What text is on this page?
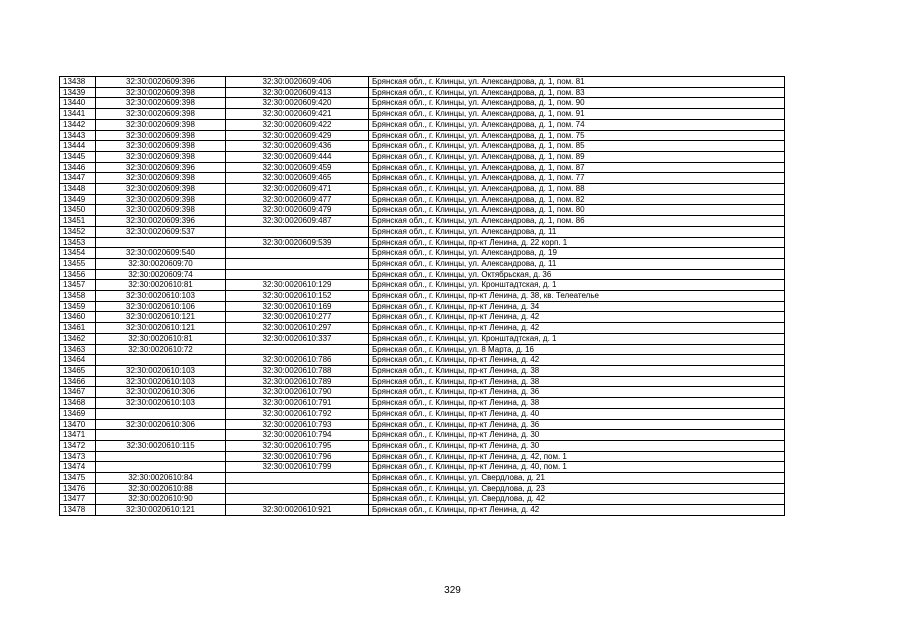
13438	32:30:0020609:396	32:30:0020609:406	Брянская обл., г. Клинцы, ул. Александрова, д. 1, пом. 81
13439	32:30:0020609:398	32:30:0020609:413	Брянская обл., г. Клинцы, ул. Александрова, д. 1, пом. 83
13440	32:30:0020609:398	32:30:0020609:420	Брянская обл., г. Клинцы, ул. Александрова, д. 1, пом. 90
13441	32:30:0020609:398	32:30:0020609:421	Брянская обл., г. Клинцы, ул. Александрова, д. 1, пом. 91
13442	32:30:0020609:398	32:30:0020609:422	Брянская обл., г. Клинцы, ул. Александрова, д. 1, пом. 74
13443	32:30:0020609:398	32:30:0020609:429	Брянская обл., г. Клинцы, ул. Александрова, д. 1, пом. 75
13444	32:30:0020609:398	32:30:0020609:436	Брянская обл., г. Клинцы, ул. Александрова, д. 1, пом. 85
13445	32:30:0020609:398	32:30:0020609:444	Брянская обл., г. Клинцы, ул. Александрова, д. 1, пом. 89
13446	32:30:0020609:396	32:30:0020609:459	Брянская обл., г. Клинцы, ул. Александрова, д. 1, пом. 87
13447	32:30:0020609:398	32:30:0020609:465	Брянская обл., г. Клинцы, ул. Александрова, д. 1, пом. 77
13448	32:30:0020609:398	32:30:0020609:471	Брянская обл., г. Клинцы, ул. Александрова, д. 1, пом. 88
13449	32:30:0020609:398	32:30:0020609:477	Брянская обл., г. Клинцы, ул. Александрова, д. 1, пом. 82
13450	32:30:0020609:398	32:30:0020609:479	Брянская обл., г. Клинцы, ул. Александрова, д. 1, пом. 80
13451	32:30:0020609:396	32:30:0020609:487	Брянская обл., г. Клинцы, ул. Александрова, д. 1, пом. 86
13452	32:30:0020609:537		Брянская обл., г. Клинцы, ул. Александрова, д. 11
13453		32:30:0020609:539	Брянская обл., г. Клинцы, пр-кт Ленина, д. 22 корп. 1
13454	32:30:0020609:540		Брянская обл., г. Клинцы, ул. Александрова, д. 19
13455	32:30:0020609:70		Брянская обл., г. Клинцы, ул. Александрова, д. 11
13456	32:30:0020609:74		Брянская обл., г. Клинцы, ул. Октябрьская, д. 36
13457	32:30:0020610:81	32:30:0020610:129	Брянская обл., г. Клинцы, ул. Кронштадтская, д. 1
13458	32:30:0020610:103	32:30:0020610:152	Брянская обл., г. Клинцы, пр-кт Ленина, д. 38, кв. Телеателье
13459	32:30:0020610:106	32:30:0020610:169	Брянская обл., г. Клинцы, пр-кт Ленина, д. 34
13460	32:30:0020610:121	32:30:0020610:277	Брянская обл., г. Клинцы, пр-кт Ленина, д. 42
13461	32:30:0020610:121	32:30:0020610:297	Брянская обл., г. Клинцы, пр-кт Ленина, д. 42
13462	32:30:0020610:81	32:30:0020610:337	Брянская обл., г. Клинцы, ул. Кронштадтская, д. 1
13463	32:30:0020610:72		Брянская обл., г. Клинцы, ул. 8 Марта, д. 16
13464		32:30:0020610:786	Брянская обл., г. Клинцы, пр-кт Ленина, д. 42
13465	32:30:0020610:103	32:30:0020610:788	Брянская обл., г. Клинцы, пр-кт Ленина, д. 38
13466	32:30:0020610:103	32:30:0020610:789	Брянская обл., г. Клинцы, пр-кт Ленина, д. 38
13467	32:30:0020610:306	32:30:0020610:790	Брянская обл., г. Клинцы, пр-кт Ленина, д. 36
13468	32:30:0020610:103	32:30:0020610:791	Брянская обл., г. Клинцы, пр-кт Ленина, д. 38
13469		32:30:0020610:792	Брянская обл., г. Клинцы, пр-кт Ленина, д. 40
13470	32:30:0020610:306	32:30:0020610:793	Брянская обл., г. Клинцы, пр-кт Ленина, д. 36
13471		32:30:0020610:794	Брянская обл., г. Клинцы, пр-кт Ленина, д. 30
13472	32:30:0020610:115	32:30:0020610:795	Брянская обл., г. Клинцы, пр-кт Ленина, д. 30
13473		32:30:0020610:796	Брянская обл., г. Клинцы, пр-кт Ленина, д. 42, пом. 1
13474		32:30:0020610:799	Брянская обл., г. Клинцы, пр-кт Ленина, д. 40, пом. 1
13475	32:30:0020610:84		Брянская обл., г. Клинцы, ул. Свердлова, д. 21
13476	32:30:0020610:88		Брянская обл., г. Клинцы, ул. Свердлова, д. 23
13477	32:30:0020610:90		Брянская обл., г. Клинцы, ул. Свердлова, д. 42
13478	32:30:0020610:121	32:30:0020610:921	Брянская обл., г. Клинцы, пр-кт Ленина, д. 42
329
